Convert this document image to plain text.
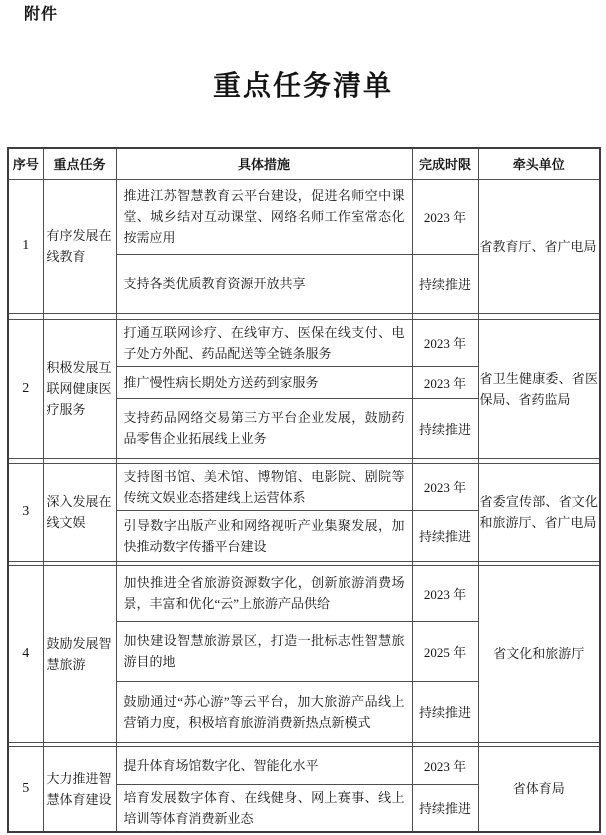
附件
重点任务清单
序号	重点任务	具体措施	完成时限	牵头单位
1	有序发展在线教育	推进江苏智慧教育云平台建设，促进名师空中课堂、城乡结对互动课堂、网络名师工作室常态化按需应用	2023 年	省教育厅、省广电局
		支持各类优质教育资源开放共享	持续推进	

2	积极发展互联网健康医疗服务	打通互联网诊疗、在线审方、医保在线支付、电子处方外配、药品配送等全链条服务	2023 年	省卫生健康委、省医保局、省药监局
		推广慢性病长期处方送药到家服务	2023 年	
		支持药品网络交易第三方平台企业发展，鼓励药品零售企业拓展线上业务	持续推进	

3	深入发展在线文娱	支持图书馆、美术馆、博物馆、电影院、剧院等传统文娱业态搭建线上运营体系	2023 年	省委宣传部、省文化和旅游厅、省广电局
		引导数字出版产业和网络视听产业集聚发展，加快推动数字传播平台建设	持续推进	

4	鼓励发展智慧旅游	加快推进全省旅游资源数字化，创新旅游消费场景，丰富和优化“云”上旅游产品供给	2023 年	省文化和旅游厅
		加快建设智慧旅游景区，打造一批标志性智慧旅游目的地	2025 年	
		鼓励通过“苏心游”等云平台，加大旅游产品线上营销力度，积极培育旅游消费新热点新模式	持续推进	

5	大力推进智慧体育建设	提升体育场馆数字化、智能化水平	2023 年	省体育局
		培育发展数字体育、在线健身、网上赛事、线上培训等体育消费新业态	持续推进	
